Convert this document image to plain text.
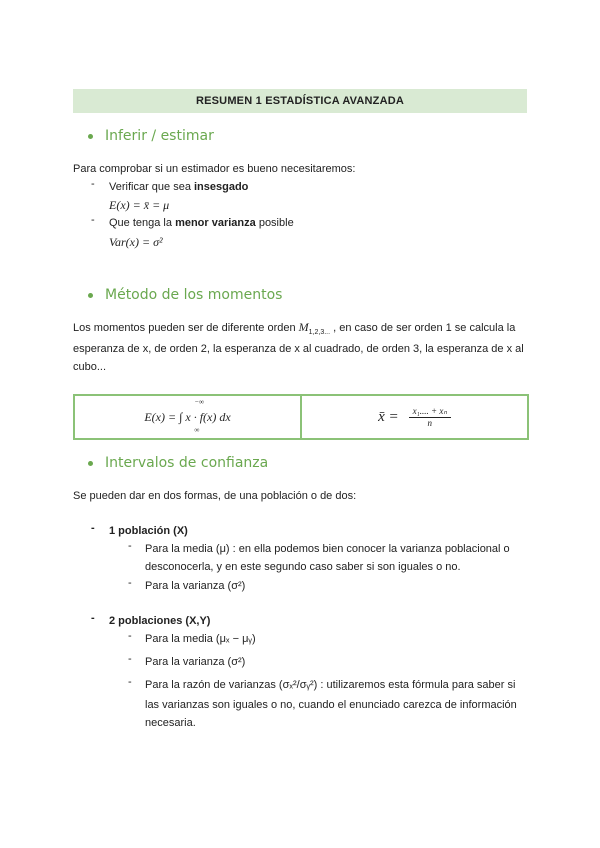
RESUMEN 1 ESTADÍSTICA AVANZADA
Inferir / estimar
Para comprobar si un estimador es bueno necesitaremos:
- Verificar que sea insesgado
E(x) = x̄ = μ
- Que tenga la menor varianza posible
Var(x) = σ²
Método de los momentos
Los momentos pueden ser de diferente orden $M_{1,2,3...}$ , en caso de ser orden 1 se calcula la
esperanza de x, de orden 2, la esperanza de x al cuadrado, de orden 3, la esperanza de x al
cubo...
E(x) = ∫ x · f(x) dx
−∞
∞
x̄ = $\frac{\text{x₁.... + xₙ}}{n}$
Intervalos de confianza
Se pueden dar en dos formas, de una población o de dos:
- 1 población (X)
- Para la media (μ) : en ella podemos bien conocer la varianza poblacional o
desconocerla, y en este segundo caso saber si son iguales o no.
- Para la varianza (σ²)
- 2 poblaciones (X,Y)
- Para la media (μₓ − μᵧ)
- Para la varianza (σ²)
- Para la razón de varianzas (σₓ²/σᵧ²) : utilizaremos esta fórmula para saber si
las varianzas son iguales o no, cuando el enunciado carezca de información
necesaria.
